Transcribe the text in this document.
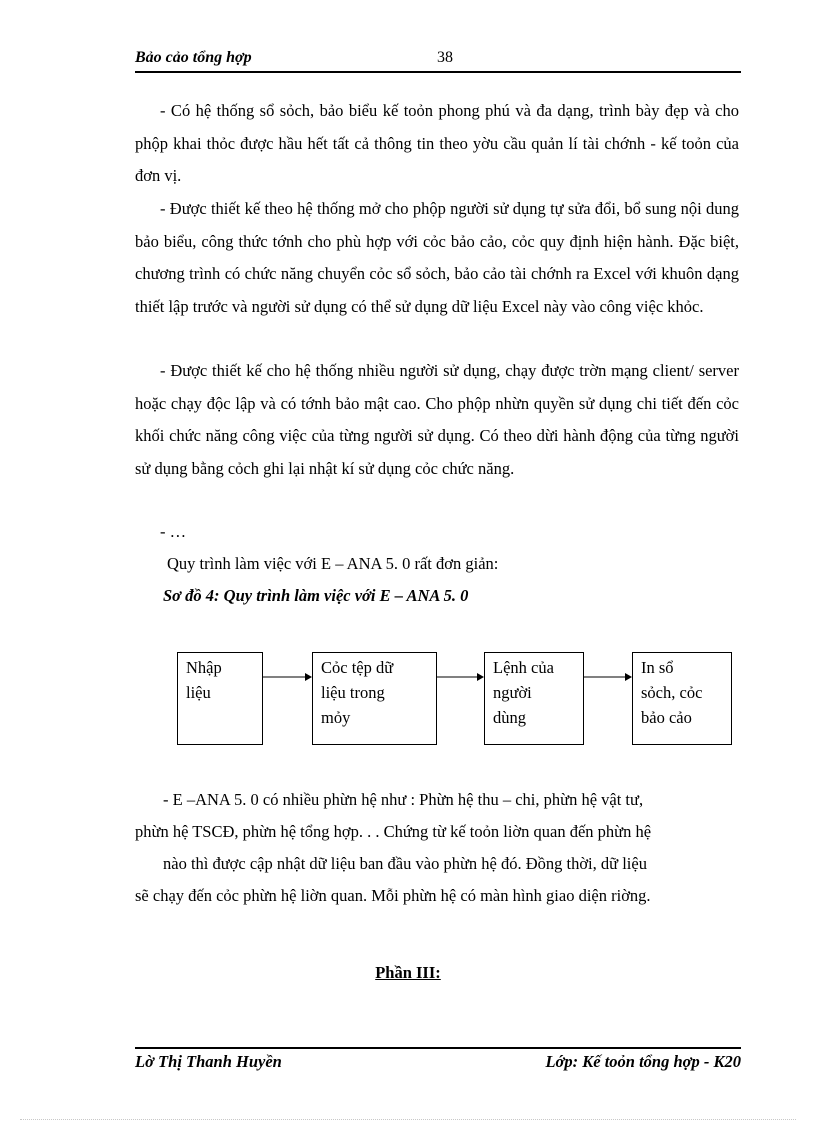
Bảo cảo tổng hợp	38

- Có hệ thống sổ sỏch, bảo biểu kế toỏn phong phú và đa dạng, trình bày đẹp và cho phộp khai thỏc được hầu hết tất cả thông tin theo yờu cầu quản lí tài chớnh - kế toỏn của đơn vị.

- Được thiết kế theo hệ thống mở cho phộp người sử dụng tự sửa đổi, bổ sung nội dung bảo biểu, công thức tớnh cho phù hợp với cỏc bảo cảo, cỏc quy định hiện hành. Đặc biệt, chương trình có chức năng chuyển cỏc sổ sỏch, bảo cảo tài chớnh ra Excel với khuôn dạng thiết lập trước và người sử dụng có thể sử dụng dữ liệu Excel này vào công việc khỏc.

- Được thiết kế cho hệ thống nhiều người sử dụng, chạy được trờn mạng client/ server hoặc chạy độc lập và có tớnh bảo mật cao. Cho phộp nhừn quyền sử dụng chi tiết đến cỏc khối chức năng công việc của từng người sử dụng. Có theo dừi hành động của từng người sử dụng bằng cỏch ghi lại nhật kí sử dụng cỏc chức năng.

- …
Quy trình làm việc với E – ANA 5. 0 rất đơn giản:
Sơ đồ 4: Quy trình làm việc với E – ANA 5. 0
Nhập
liệu
Cỏc tệp dữ
liệu trong
mỏy
Lệnh của
người
dùng
In sổ
sỏch, cỏc
bảo cảo
- E –ANA 5. 0 có nhiều phừn hệ như : Phừn hệ thu – chi, phừn hệ vật tư,
phừn hệ TSCĐ, phừn hệ tổng hợp. . . Chứng từ kế toỏn liờn quan đến phừn hệ
nào thì được cập nhật dữ liệu ban đầu vào phừn hệ đó. Đồng thời, dữ liệu
sẽ chạy đến cỏc phừn hệ liờn quan. Mỗi phừn hệ có màn hình giao diện riờng.
Phần III:
Lờ Thị Thanh Huyền	Lớp: Kế toỏn tổng hợp - K20
